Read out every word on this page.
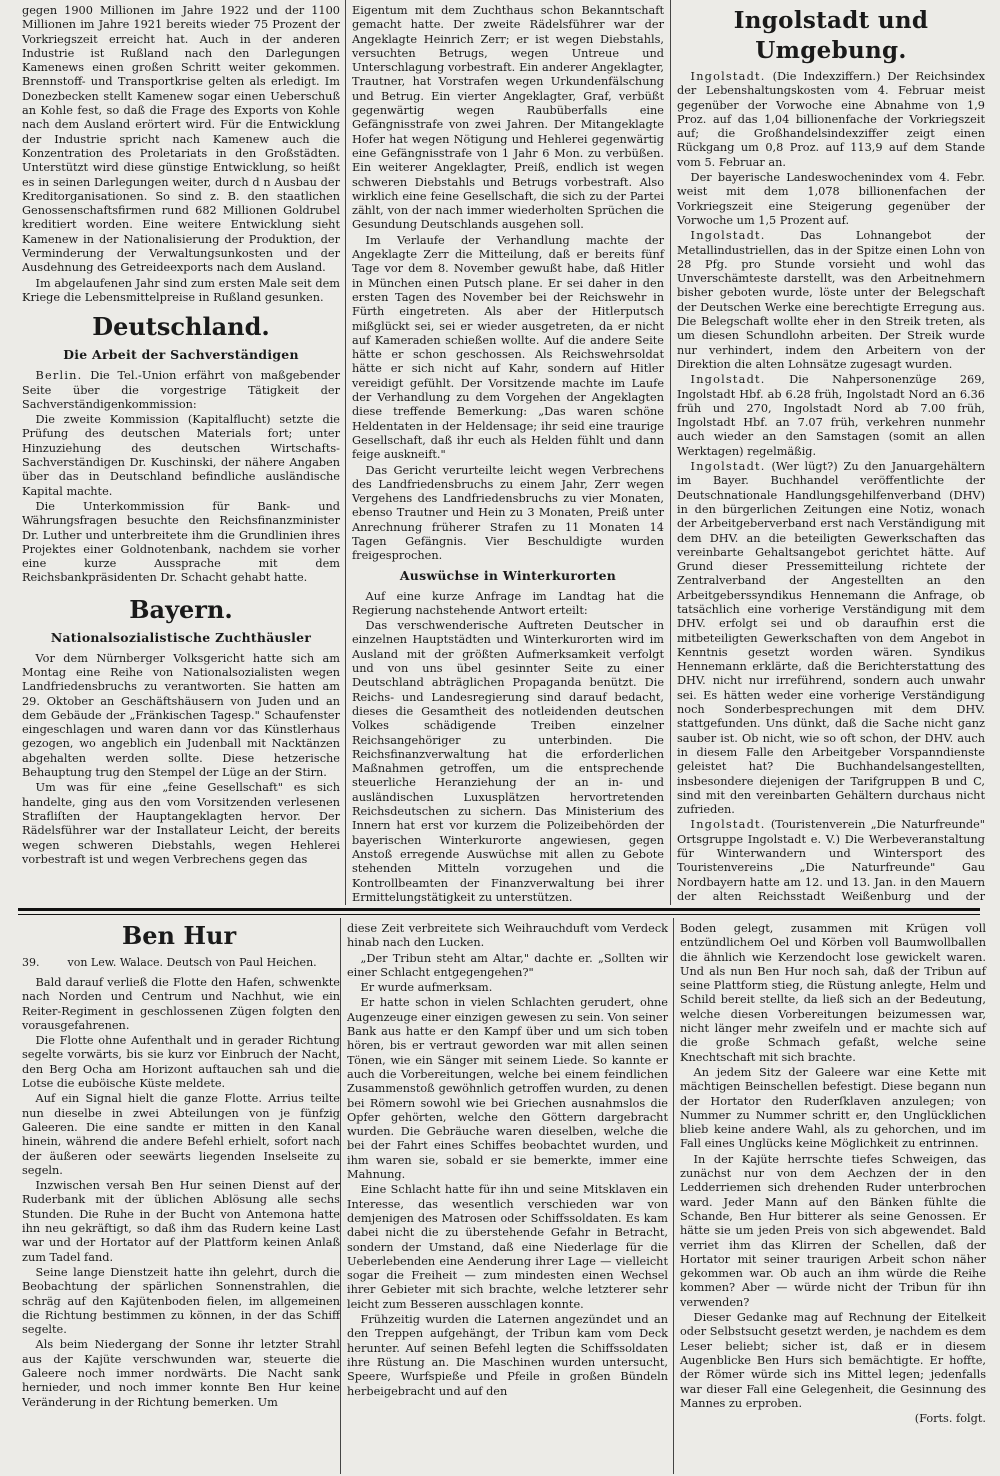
gegen 1900 Millionen im Jahre 1922 und der 1100 Millionen im Jahre 1921 bereits wieder 75 Prozent der Vorkriegszeit erreicht hat. Auch in der anderen Industrie ist Rußland nach den Darlegungen Kamenews einen großen Schritt weiter gekommen. Brennstoff- und Transportkrise gelten als erledigt. Im Donezbecken stellt Kamenew sogar einen Ueberschuß an Kohle fest, so daß die Frage des Exports von Kohle nach dem Ausland erörtert wird. Für die Entwicklung der Industrie spricht nach Kamenew auch die Konzentration des Proletariats in den Großstädten. Unterstützt wird diese günstige Entwicklung, so heißt es in seinen Darlegungen weiter, durch d n Ausbau der Kreditorganisationen. So sind z. B. den staatlichen Genossenschaftsfirmen rund 682 Millionen Goldrubel kreditiert worden. Eine weitere Entwicklung sieht Kamenew in der Nationalisierung der Produktion, der Verminderung der Verwaltungsunkosten und der Ausdehnung des Getreideexports nach dem Ausland.

Im abgelaufenen Jahr sind zum ersten Male seit dem Kriege die Lebensmittelpreise in Rußland gesunken.

Deutschland.
Die Arbeit der Sachverständigen

Berlin. Die Tel.-Union erfährt von maßgebender Seite über die vorgestrige Tätigkeit der Sachverständigenkommission:

Die zweite Kommission (Kapitalflucht) setzte die Prüfung des deutschen Materials fort; unter Hinzuziehung des deutschen Wirtschafts-Sachverständigen Dr. Kuschinski, der nähere Angaben über das in Deutschland befindliche ausländische Kapital machte.

Die Unterkommission für Bank- und Währungsfragen besuchte den Reichsfinanzminister Dr. Luther und unterbreitete ihm die Grundlinien ihres Projektes einer Goldnotenbank, nachdem sie vorher eine kurze Aussprache mit dem Reichsbankpräsidenten Dr. Schacht gehabt hatte.

Bayern.
Nationalsozialistische Zuchthäusler

Vor dem Nürnberger Volksgericht hatte sich am Montag eine Reihe von Nationalsozialisten wegen Landfriedensbruchs zu verantworten. Sie hatten am 29. Oktober an Geschäftshäusern von Juden und an dem Gebäude der „Fränkischen Tagesp." Schaufenster eingeschlagen und waren dann vor das Künstlerhaus gezogen, wo angeblich ein Judenball mit Nacktänzen abgehalten werden sollte. Diese hetzerische Behauptung trug den Stempel der Lüge an der Stirn.

Um was für eine „feine Gesellschaft" es sich handelte, ging aus den vom Vorsitzenden verlesenen Strafliſten der Hauptangeklagten hervor. Der Rädelsführer war der Installateur Leicht, der bereits wegen schweren Diebstahls, wegen Hehlerei vorbestraft ist und wegen Verbrechens gegen das

Eigentum mit dem Zuchthaus schon Bekanntschaft gemacht hatte. Der zweite Rädelsführer war der Angeklagte Heinrich Zerr; er ist wegen Diebstahls, versuchten Betrugs, wegen Untreue und Unterschlagung vorbestraft. Ein anderer Angeklagter, Trautner, hat Vorstrafen wegen Urkundenfälschung und Betrug. Ein vierter Angeklagter, Graf, verbüßt gegenwärtig wegen Raubüberfalls eine Gefängnisstrafe von zwei Jahren. Der Mitangeklagte Hofer hat wegen Nötigung und Hehlerei gegenwärtig eine Gefängnisstrafe von 1 Jahr 6 Mon. zu verbüßen. Ein weiterer Angeklagter, Preiß, endlich ist wegen schweren Diebstahls und Betrugs vorbestraft. Also wirklich eine feine Gesellschaft, die sich zu der Partei zählt, von der nach immer wiederholten Sprüchen die Gesundung Deutschlands ausgehen soll.

Im Verlaufe der Verhandlung machte der Angeklagte Zerr die Mitteilung, daß er bereits fünf Tage vor dem 8. November gewußt habe, daß Hitler in München einen Putsch plane. Er sei daher in den ersten Tagen des November bei der Reichswehr in Fürth eingetreten. Als aber der Hitlerputsch mißglückt sei, sei er wieder ausgetreten, da er nicht auf Kameraden schießen wollte. Auf die andere Seite hätte er schon geschossen. Als Reichswehrsoldat hätte er sich nicht auf Kahr, sondern auf Hitler vereidigt gefühlt. Der Vorsitzende machte im Laufe der Verhandlung zu dem Vorgehen der Angeklagten diese treffende Bemerkung: „Das waren schöne Heldentaten in der Heldensage; ihr seid eine traurige Gesellschaft, daß ihr euch als Helden fühlt und dann feige auskneift."

Das Gericht verurteilte leicht wegen Verbrechens des Landfriedensbruchs zu einem Jahr, Zerr wegen Vergehens des Landfriedensbruchs zu vier Monaten, ebenso Trautner und Hein zu 3 Monaten, Preiß unter Anrechnung früherer Strafen zu 11 Monaten 14 Tagen Gefängnis. Vier Beschuldigte wurden freigesprochen.

Auswüchse in Winterkurorten

Auf eine kurze Anfrage im Landtag hat die Regierung nachstehende Antwort erteilt:

Das verschwenderische Auftreten Deutscher in einzelnen Hauptstädten und Winterkurorten wird im Ausland mit der größten Aufmerksamkeit verfolgt und von uns übel gesinnter Seite zu einer Deutschland abträglichen Propaganda benützt. Die Reichs- und Landesregierung sind darauf bedacht, dieses die Gesamtheit des notleidenden deutschen Volkes schädigende Treiben einzelner Reichsangehöriger zu unterbinden. Die Reichsfinanzverwaltung hat die erforderlichen Maßnahmen getroffen, um die entsprechende steuerliche Heranziehung der an in- und ausländischen Luxusplätzen hervortretenden Reichsdeutschen zu sichern. Das Ministerium des Innern hat erst vor kurzem die Polizeibehörden der bayerischen Winterkurorte angewiesen, gegen Anstoß erregende Auswüchse mit allen zu Gebote stehenden Mitteln vorzugehen und die Kontrollbeamten der Finanzverwaltung bei ihrer Ermittelungstätigkeit zu unterstützen.

Ingolstadt und Umgebung.

Ingolstadt. (Die Indexziffern.) Der Reichsindex der Lebenshaltungskosten vom 4. Februar meist gegenüber der Vorwoche eine Abnahme von 1,9 Proz. auf das 1,04 billionenfache der Vorkriegszeit auf; die Großhandelsindexziffer zeigt einen Rückgang um 0,8 Proz. auf 113,9 auf dem Stande vom 5. Februar an.

Der bayerische Landeswochenindex vom 4. Febr. weist mit dem 1,078 billionenfachen der Vorkriegszeit eine Steigerung gegenüber der Vorwoche um 1,5 Prozent auf.

Ingolstadt. Das Lohnangebot der Metallindustriellen, das in der Spitze einen Lohn von 28 Pfg. pro Stunde vorsieht und wohl das Unverschämteste darstellt, was den Arbeitnehmern bisher geboten wurde, löste unter der Belegschaft der Deutschen Werke eine berechtigte Erregung aus. Die Belegschaft wollte eher in den Streik treten, als um diesen Schundlohn arbeiten. Der Streik wurde nur verhindert, indem den Arbeitern von der Direktion die alten Lohnsätze zugesagt wurden.

Ingolstadt. Die Nahpersonenzüge 269, Ingolstadt Hbf. ab 6.28 früh, Ingolstadt Nord an 6.36 früh und 270, Ingolstadt Nord ab 7.00 früh, Ingolstadt Hbf. an 7.07 früh, verkehren nunmehr auch wieder an den Samstagen (somit an allen Werktagen) regelmäßig.

Ingolstadt. (Wer lügt?) Zu den Januargehältern im Bayer. Buchhandel veröffentlichte der Deutschnationale Handlungsgehilfenverband (DHV) in den bürgerlichen Zeitungen eine Notiz, wonach der Arbeitgeberverband erst nach Verständigung mit dem DHV. an die beteiligten Gewerkschaften das vereinbarte Gehaltsangebot gerichtet hätte. Auf Grund dieser Pressemitteilung richtete der Zentralverband der Angestellten an den Arbeitgeberssyndikus Hennemann die Anfrage, ob tatsächlich eine vorherige Verständigung mit dem DHV. erfolgt sei und ob daraufhin erst die mitbeteiligten Gewerkschaften von dem Angebot in Kenntnis gesetzt worden wären. Syndikus Hennemann erklärte, daß die Berichterstattung des DHV. nicht nur irreführend, sondern auch unwahr sei. Es hätten weder eine vorherige Verständigung noch Sonderbesprechungen mit dem DHV. stattgefunden. Uns dünkt, daß die Sache nicht ganz sauber ist. Ob nicht, wie so oft schon, der DHV. auch in diesem Falle den Arbeitgeber Vorspanndienste geleistet hat? Die Buchhandelsangestellten, insbesondere diejenigen der Tarifgruppen B und C, sind mit den vereinbarten Gehältern durchaus nicht zufrieden.

Ingolstadt. (Touristenverein „Die Naturfreunde" Ortsgruppe Ingolstadt e. V.) Die Werbeveranstaltung für Winterwandern und Wintersport des Touristenvereins „Die Naturfreunde" Gau Nordbayern hatte am 12. und 13. Jan. in den Mauern der alten Reichsstadt Weißenburg und der

Ben Hur
39.	von Lew. Walace. Deutsch von Paul Heichen.

Bald darauf verließ die Flotte den Hafen, schwenkte nach Norden und Centrum und Nachhut, wie ein Reiter-Regiment in geschlossenen Zügen folgten den vorausgefahrenen.

Die Flotte ohne Aufenthalt und in gerader Richtung segelte vorwärts, bis sie kurz vor Einbruch der Nacht, den Berg Ocha am Horizont auftauchen sah und die Lotse die euböische Küste meldete.

Auf ein Signal hielt die ganze Flotte. Arrius teilte nun dieselbe in zwei Abteilungen von je fünfzig Galeeren. Die eine sandte er mitten in den Kanal hinein, während die andere Befehl erhielt, sofort nach der äußeren oder seewärts liegenden Inselseite zu segeln.

Inzwischen versah Ben Hur seinen Dienst auf der Ruderbank mit der üblichen Ablösung alle sechs Stunden. Die Ruhe in der Bucht von Antemona hatte ihn neu gekräftigt, so daß ihm das Rudern keine Last war und der Hortator auf der Plattform keinen Anlaß zum Tadel fand.

Seine lange Dienstzeit hatte ihn gelehrt, durch die Beobachtung der spärlichen Sonnenstrahlen, die schräg auf den Kajütenboden fielen, im allgemeinen die Richtung bestimmen zu können, in der das Schiff segelte.

Als beim Niedergang der Sonne ihr letzter Strahl aus der Kajüte verschwunden war, steuerte die Galeere noch immer nordwärts. Die Nacht sank hernieder, und noch immer konnte Ben Hur keine Veränderung in der Richtung bemerken. Um

diese Zeit verbreitete sich Weihrauchduft vom Verdeck hinab nach den Lucken.

„Der Tribun steht am Altar," dachte er. „Sollten wir einer Schlacht entgegengehen?"

Er wurde aufmerksam.

Er hatte schon in vielen Schlachten gerudert, ohne Augenzeuge einer einzigen gewesen zu sein. Von seiner Bank aus hatte er den Kampf über und um sich toben hören, bis er vertraut geworden war mit allen seinen Tönen, wie ein Sänger mit seinem Liede. So kannte er auch die Vorbereitungen, welche bei einem feindlichen Zusammenstoß gewöhnlich getroffen wurden, zu denen bei Römern sowohl wie bei Griechen ausnahmslos die Opfer gehörten, welche den Göttern dargebracht wurden. Die Gebräuche waren dieselben, welche die bei der Fahrt eines Schiffes beobachtet wurden, und ihm waren sie, sobald er sie bemerkte, immer eine Mahnung.

Eine Schlacht hatte für ihn und seine Mitsklaven ein Interesse, das wesentlich verschieden war von demjenigen des Matrosen oder Schiffssoldaten. Es kam dabei nicht die zu überstehende Gefahr in Betracht, sondern der Umstand, daß eine Niederlage für die Ueberlebenden eine Aenderung ihrer Lage — vielleicht sogar die Freiheit — zum mindesten einen Wechsel ihrer Gebieter mit sich brachte, welche letzterer sehr leicht zum Besseren ausschlagen konnte.

Frühzeitig wurden die Laternen angezündet und an den Treppen aufgehängt, der Tribun kam vom Deck herunter. Auf seinen Befehl legten die Schiffssoldaten ihre Rüstung an. Die Maschinen wurden untersucht, Speere, Wurfspieße und Pfeile in großen Bündeln herbeigebracht und auf den

Boden gelegt, zusammen mit Krügen voll entzündlichem Oel und Körben voll Baumwollballen die ähnlich wie Kerzendocht lose gewickelt waren. Und als nun Ben Hur noch sah, daß der Tribun auf seine Plattform stieg, die Rüstung anlegte, Helm und Schild bereit stellte, da ließ sich an der Bedeutung, welche diesen Vorbereitungen beizumessen war, nicht länger mehr zweifeln und er machte sich auf die große Schmach gefaßt, welche seine Knechtschaft mit sich brachte.

An jedem Sitz der Galeere war eine Kette mit mächtigen Beinschellen befestigt. Diese begann nun der Hortator den Ruderſklaven anzulegen; von Nummer zu Nummer schritt er, den Unglücklichen blieb keine andere Wahl, als zu gehorchen, und im Fall eines Unglücks keine Möglichkeit zu entrinnen.

In der Kajüte herrschte tiefes Schweigen, das zunächst nur von dem Aechzen der in den Ledderriemen sich drehenden Ruder unterbrochen ward. Jeder Mann auf den Bänken fühlte die Schande, Ben Hur bitterer als seine Genossen. Er hätte sie um jeden Preis von sich abgewendet. Bald verriet ihm das Klirren der Schellen, daß der Hortator mit seiner traurigen Arbeit schon näher gekommen war. Ob auch an ihm würde die Reihe kommen? Aber — würde nicht der Tribun für ihn verwenden?

Dieser Gedanke mag auf Rechnung der Eitelkeit oder Selbstsucht gesetzt werden, je nachdem es dem Leser beliebt; sicher ist, daß er in diesem Augenblicke Ben Hurs sich bemächtigte. Er hoffte, der Römer würde sich ins Mittel legen; jedenfalls war dieser Fall eine Gelegenheit, die Gesinnung des Mannes zu erproben.

(Forts. folgt.
